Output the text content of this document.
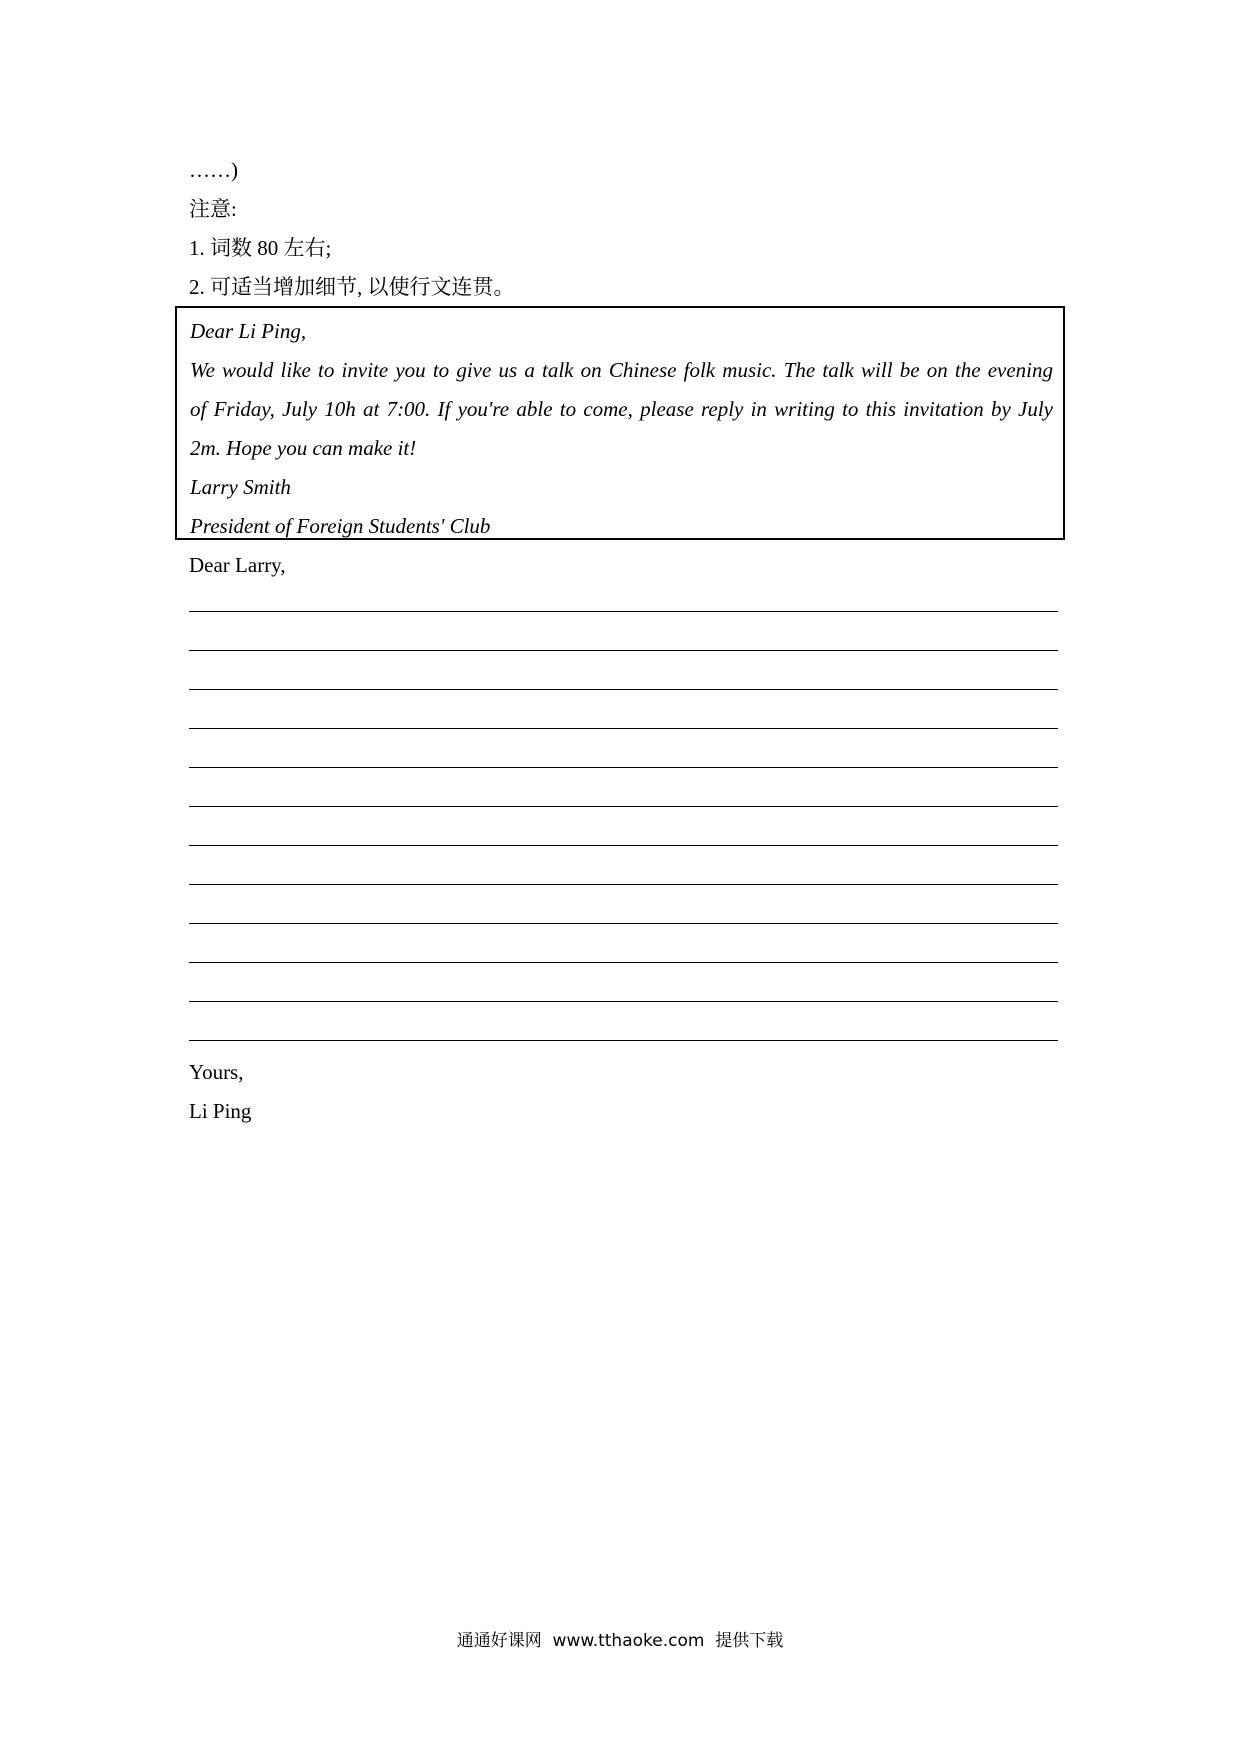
……)
注意:
1. 词数 80 左右;
2. 可适当增加细节, 以使行文连贯。
Dear Li Ping,
We would like to invite you to give us a talk on Chinese folk music. The talk will be on the evening
of Friday, July 10h at 7:00. If you're able to come, please reply in writing to this invitation by July
2m. Hope you can make it!
Larry Smith
President of Foreign Students' Club
Dear Larry,
Yours,
Li Ping
通通好课网  www.tthaoke.com  提供下载
